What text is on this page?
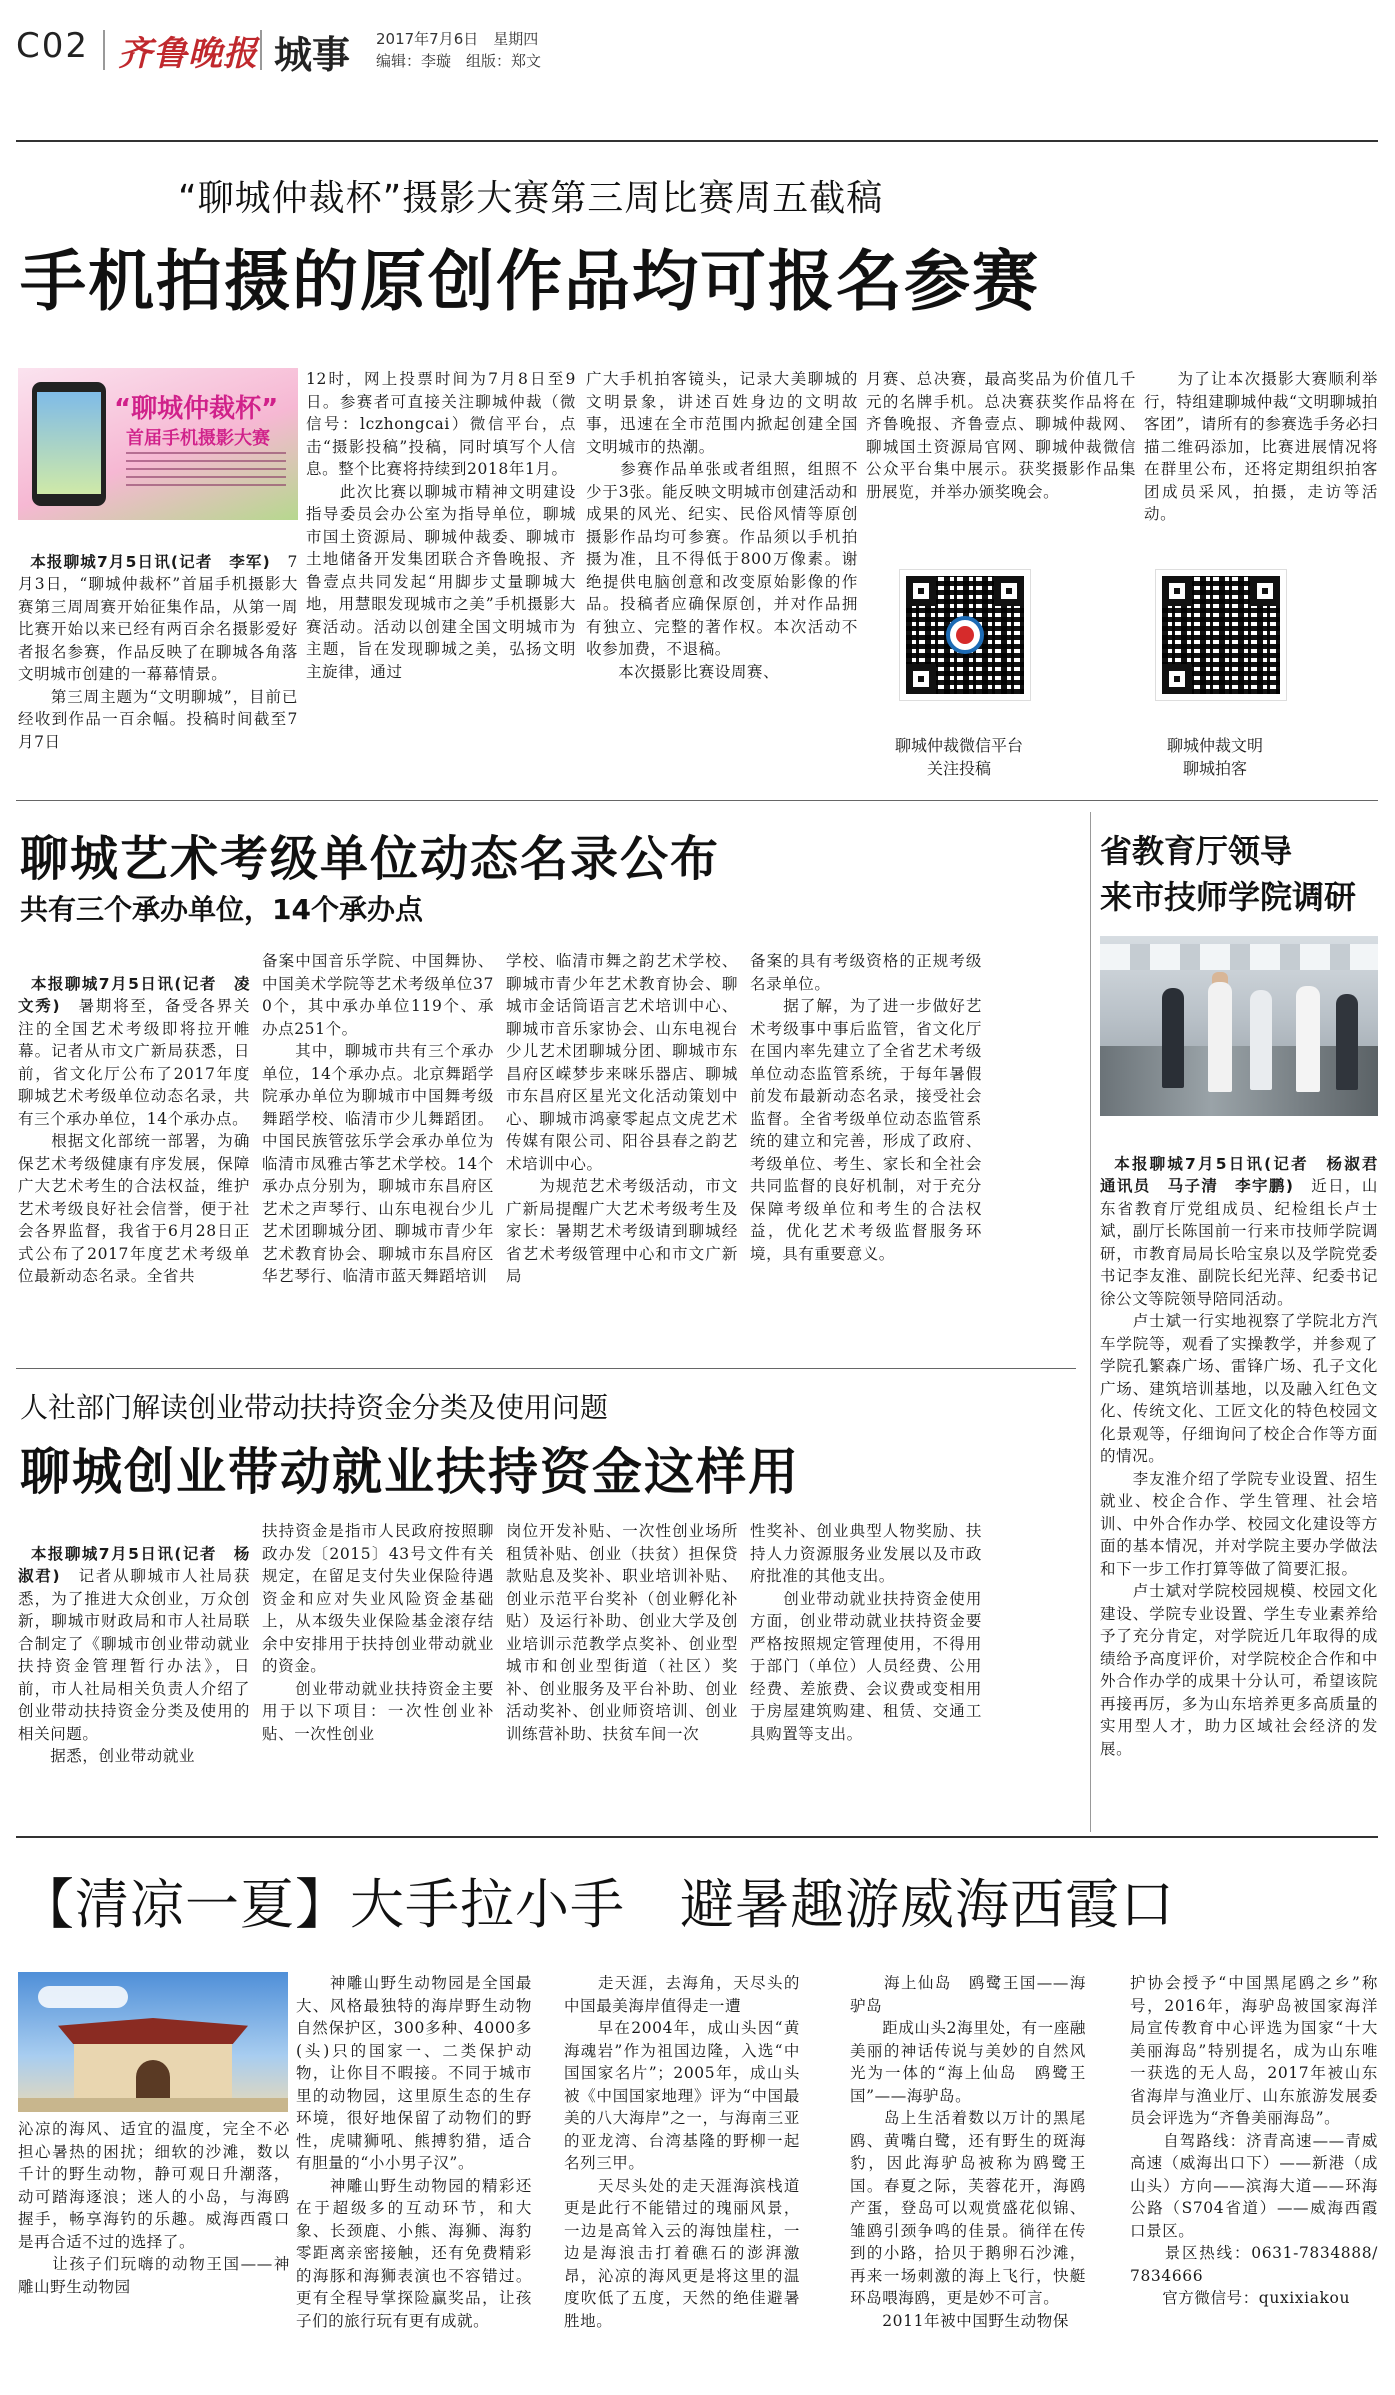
C02 齐鲁晚报 城事 2017年7月6日　 星期四
编辑：李璇　 组版：郑文
“聊城仲裁杯”摄影大赛第三周比赛周五截稿
手机拍摄的原创作品均可报名参赛
“聊城仲裁杯”
首届手机摄影大赛

本报聊城7月5日讯(记者　李军)　7月3日，“聊城仲裁杯”首届手机摄影大赛第三周周赛开始征集作品，从第一周比赛开始以来已经有两百余名摄影爱好者报名参赛，作品反映了在聊城各角落文明城市创建的一幕幕情景。
　　第三周主题为“文明聊城”，目前已经收到作品一百余幅。投稿时间截至7月7日

12时，网上投票时间为7月8日至9日。参赛者可直接关注聊城仲裁（微信号：lczhongcai）微信平台，点击“摄影投稿”投稿，同时填写个人信息。整个比赛将持续到2018年1月。
　　此次比赛以聊城市精神文明建设指导委员会办公室为指导单位，聊城市国土资源局、聊城仲裁委、聊城市土地储备开发集团联合齐鲁晚报、齐鲁壹点共同发起“用脚步丈量聊城大地，用慧眼发现城市之美”手机摄影大赛活动。活动以创建全国文明城市为主题，旨在发现聊城之美，弘扬文明主旋律，通过
广大手机拍客镜头，记录大美聊城的文明景象，讲述百姓身边的文明故事，迅速在全市范围内掀起创建全国文明城市的热潮。
　　参赛作品单张或者组照，组照不少于3张。能反映文明城市创建活动和成果的风光、纪实、民俗风情等原创摄影作品均可参赛。作品须以手机拍摄为准，且不得低于800万像素。谢绝提供电脑创意和改变原始影像的作品。投稿者应确保原创，并对作品拥有独立、完整的著作权。本次活动不收参加费，不退稿。
　　本次摄影比赛设周赛、
月赛、总决赛，最高奖品为价值几千元的名牌手机。总决赛获奖作品将在齐鲁晚报、齐鲁壹点、聊城仲裁网、聊城国土资源局官网、聊城仲裁微信公众平台集中展示。获奖摄影作品集册展览，并举办颁奖晚会。
　　为了让本次摄影大赛顺利举行，特组建聊城仲裁“文明聊城拍客团”，请所有的参赛选手务必扫描二维码添加，比赛进展情况将在群里公布，还将定期组织拍客团成员采风，拍摄，走访等活动。
聊城仲裁微信平台
关注投稿
聊城仲裁文明
聊城拍客
聊城艺术考级单位动态名录公布
共有三个承办单位，14个承办点

本报聊城7月5日讯(记者　凌文秀)　暑期将至，备受各界关注的全国艺术考级即将拉开帷幕。记者从市文广新局获悉，日前，省文化厅公布了2017年度聊城艺术考级单位动态名录，共有三个承办单位，14个承办点。
　　根据文化部统一部署，为确保艺术考级健康有序发展，保障广大艺术考生的合法权益，维护艺术考级良好社会信誉，便于社会各界监督，我省于6月28日正式公布了2017年度艺术考级单位最新动态名录。全省共

备案中国音乐学院、中国舞协、中国美术学院等艺术考级单位370个，其中承办单位119个、承办点251个。
　　其中，聊城市共有三个承办单位，14个承办点。北京舞蹈学院承办单位为聊城市中国舞考级舞蹈学校、临清市少儿舞蹈团。中国民族管弦乐学会承办单位为临清市凤雅古筝艺术学校。14个承办点分别为，聊城市东昌府区艺术之声琴行、山东电视台少儿艺术团聊城分团、聊城市青少年艺术教育协会、聊城市东昌府区华艺琴行、临清市蓝天舞蹈培训
学校、临清市舞之韵艺术学校、聊城市青少年艺术教育协会、聊城市金话筒语言艺术培训中心、聊城市音乐家协会、山东电视台少儿艺术团聊城分团、聊城市东昌府区嵘梦步来咪乐器店、聊城市东昌府区星光文化活动策划中心、聊城市鸿豪零起点文虎艺术传媒有限公司、阳谷县春之韵艺术培训中心。
　　为规范艺术考级活动，市文广新局提醒广大艺术考级考生及家长：暑期艺术考级请到聊城经省艺术考级管理中心和市文广新局
备案的具有考级资格的正规考级名录单位。
　　据了解，为了进一步做好艺术考级事中事后监管，省文化厅在国内率先建立了全省艺术考级单位动态监管系统，于每年暑假前发布最新动态名录，接受社会监督。全省考级单位动态监管系统的建立和完善，形成了政府、考级单位、考生、家长和全社会共同监督的良好机制，对于充分保障考级单位和考生的合法权益，优化艺术考级监督服务环境，具有重要意义。
省教育厅领导
来市技师学院调研

本报聊城7月5日讯(记者　杨淑君　通讯员　马子清　李宇鹏)　近日，山东省教育厅党组成员、纪检组长卢士斌，副厅长陈国前一行来市技师学院调研，市教育局局长哈宝泉以及学院党委书记李友淮、副院长纪光萍、纪委书记徐公文等院领导陪同活动。
　　卢士斌一行实地视察了学院北方汽车学院等，观看了实操教学，并参观了学院孔繁森广场、雷锋广场、孔子文化广场、建筑培训基地，以及融入红色文化、传统文化、工匠文化的特色校园文化景观等，仔细询问了校企合作等方面的情况。
　　李友淮介绍了学院专业设置、招生就业、校企合作、学生管理、社会培训、中外合作办学、校园文化建设等方面的基本情况，并对学院主要办学做法和下一步工作打算等做了简要汇报。
　　卢士斌对学院校园规模、校园文化建设、学院专业设置、学生专业素养给予了充分肯定，对学院近几年取得的成绩给予高度评价，对学院校企合作和中外合作办学的成果十分认可，希望该院再接再厉，多为山东培养更多高质量的实用型人才，助力区域社会经济的发展。

人社部门解读创业带动扶持资金分类及使用问题
聊城创业带动就业扶持资金这样用

本报聊城7月5日讯(记者　杨淑君)　记者从聊城市人社局获悉，为了推进大众创业，万众创新，聊城市财政局和市人社局联合制定了《聊城市创业带动就业扶持资金管理暂行办法》，日前，市人社局相关负责人介绍了创业带动扶持资金分类及使用的相关问题。
　　据悉，创业带动就业

扶持资金是指市人民政府按照聊政办发〔2015〕43号文件有关规定，在留足支付失业保险待遇资金和应对失业风险资金基础上，从本级失业保险基金滚存结余中安排用于扶持创业带动就业的资金。
　　创业带动就业扶持资金主要用于以下项目：一次性创业补贴、一次性创业
岗位开发补贴、一次性创业场所租赁补贴、创业（扶贫）担保贷款贴息及奖补、职业培训补贴、创业示范平台奖补（创业孵化补贴）及运行补助、创业大学及创业培训示范教学点奖补、创业型城市和创业型街道（社区）奖补、创业服务及平台补助、创业活动奖补、创业师资培训、创业训练营补助、扶贫车间一次
性奖补、创业典型人物奖励、扶持人力资源服务业发展以及市政府批准的其他支出。
　　创业带动就业扶持资金使用方面，创业带动就业扶持资金要严格按照规定管理使用，不得用于部门（单位）人员经费、公用经费、差旅费、会议费或变相用于房屋建筑购建、租赁、交通工具购置等支出。
【清凉一夏】大手拉小手　避暑趣游威海西霞口
沁凉的海风、适宜的温度，完全不必担心暑热的困扰；细软的沙滩，数以千计的野生动物，静可观日升潮落，动可踏海逐浪；迷人的小岛，与海鸥握手，畅享海钓的乐趣。威海西霞口是再合适不过的选择了。
　　让孩子们玩嗨的动物王国——神雕山野生动物园
　　神雕山野生动物园是全国最大、风格最独特的海岸野生动物自然保护区，300多种、4000多(头)只的国家一、二类保护动物，让你目不暇接。不同于城市里的动物园，这里原生态的生存环境，很好地保留了动物们的野性，虎啸狮吼、熊搏豹猎，适合有胆量的“小小男子汉”。
　　神雕山野生动物园的精彩还在于超级多的互动环节，和大象、长颈鹿、小熊、海狮、海豹零距离亲密接触，还有免费精彩的海豚和海狮表演也不容错过。更有全程导掌探险赢奖品，让孩子们的旅行玩有更有成就。
　　走天涯，去海角，天尽头的中国最美海岸值得走一遭
　　早在2004年，成山头因“黄海魂岩”作为祖国边隆，入选“中国国家名片”；2005年，成山头被《中国国家地理》评为“中国最美的八大海岸”之一，与海南三亚的亚龙湾、台湾基隆的野柳一起名列三甲。
　　天尽头处的走天涯海滨栈道更是此行不能错过的瑰丽风景，一边是高耸入云的海蚀崖柱，一边是海浪击打着礁石的澎湃激昂，沁凉的海风更是将这里的温度吹低了五度，天然的绝佳避暑胜地。
　　海上仙岛　鸥鹭王国——海驴岛
　　距成山头2海里处，有一座融美丽的神话传说与美妙的自然风光为一体的“海上仙岛　鸥鹭王国”——海驴岛。
　　岛上生活着数以万计的黑尾鸥、黄嘴白鹭，还有野生的斑海豹，因此海驴岛被称为鸥鹭王国。春夏之际，芙蓉花开，海鸥产蛋，登岛可以观赏盛花似锦、雏鸥引颈争鸣的佳景。徜徉在传到的小路，拾贝于鹅卵石沙滩，再来一场刺激的海上飞行，快艇环岛喂海鸥，更是妙不可言。
　　2011年被中国野生动物保
护协会授予“中国黑尾鸥之乡”称号，2016年，海驴岛被国家海洋局宣传教育中心评选为国家“十大美丽海岛”特别提名，成为山东唯一获选的无人岛，2017年被山东省海岸与渔业厅、山东旅游发展委员会评选为“齐鲁美丽海岛”。
　　自驾路线：济青高速——青威高速（威海出口下）——新港（成山头）方向——滨海大道——环海公路（S704省道）——威海西霞口景区。
　　景区热线：0631-7834888/7834666
　　官方微信号：quxixiakou
